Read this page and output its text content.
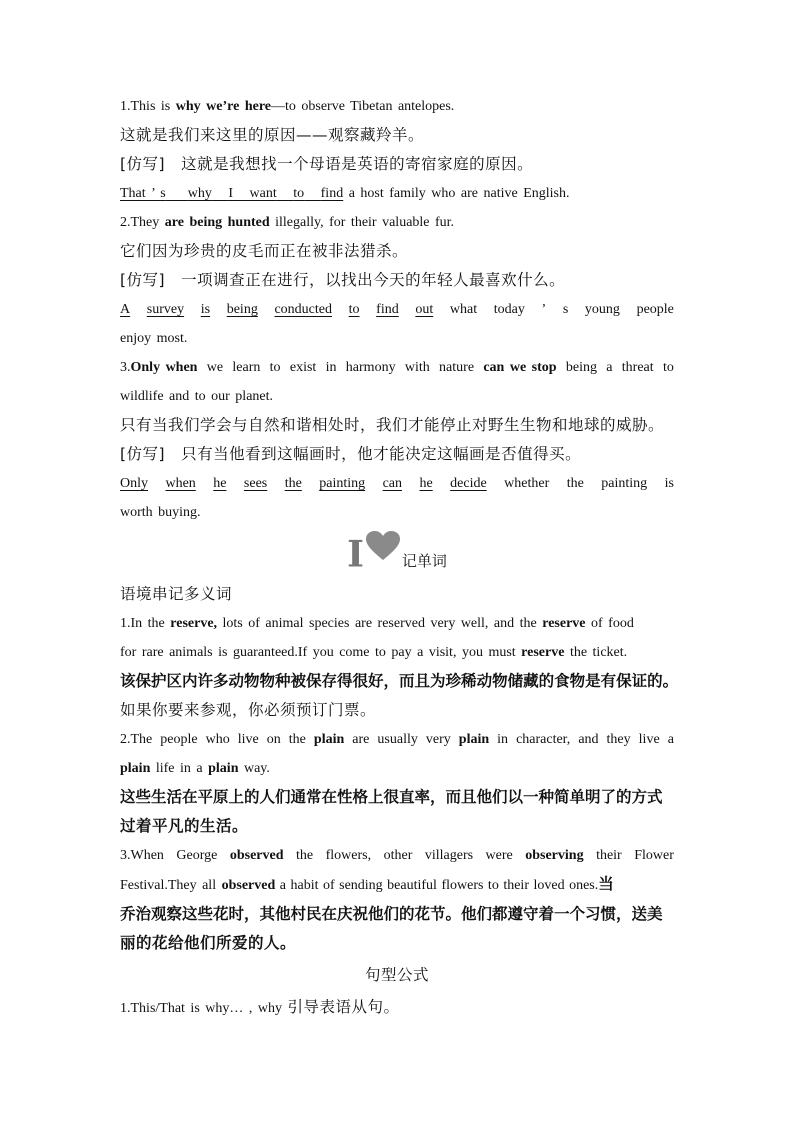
1.This is why we’re here—to observe Tibetan antelopes.
这就是我们来这里的原因——观察藏羚羊。
[仿写]　这就是我想找一个母语是英语的寄宿家庭的原因。
That ’ s why I want to find a host family who are native English.
2.They are being hunted illegally, for their valuable fur.
它们因为珍贵的皮毛而正在被非法猎杀。
[仿写]　一项调查正在进行，以找出今天的年轻人最喜欢什么。
A survey is being conducted to find out what today ’ s young people
enjoy most.
3.Only when we learn to exist in harmony with nature can we stop being a threat to
wildlife and to our planet.
只有当我们学会与自然和谐相处时，我们才能停止对野生生物和地球的威胁。
[仿写]　只有当他看到这幅画时，他才能决定这幅画是否值得买。
Only when he sees the painting can he decide whether the painting is
worth buying.
I	记单词
语境串记多义词
1.In the reserve, lots of animal species are reserved very well, and the reserve of food
for rare animals is guaranteed.If you come to pay a visit, you must reserve the ticket.
该保护区内许多动物物种被保存得很好，而且为珍稀动物储藏的食物是有保证的。
如果你要来参观，你必须预订门票。
2.The people who live on the plain are usually very plain in character, and they live a
plain life in a plain way.
这些生活在平原上的人们通常在性格上很直率，而且他们以一种简单明了的方式
过着平凡的生活。
3.When George observed the flowers, other villagers were observing their Flower
Festival.They all observed a habit of sending beautiful flowers to their loved ones.当
乔治观察这些花时，其他村民在庆祝他们的花节。他们都遵守着一个习惯，送美
丽的花给他们所爱的人。
句型公式
1.This/That is why… , why 引导表语从句。
